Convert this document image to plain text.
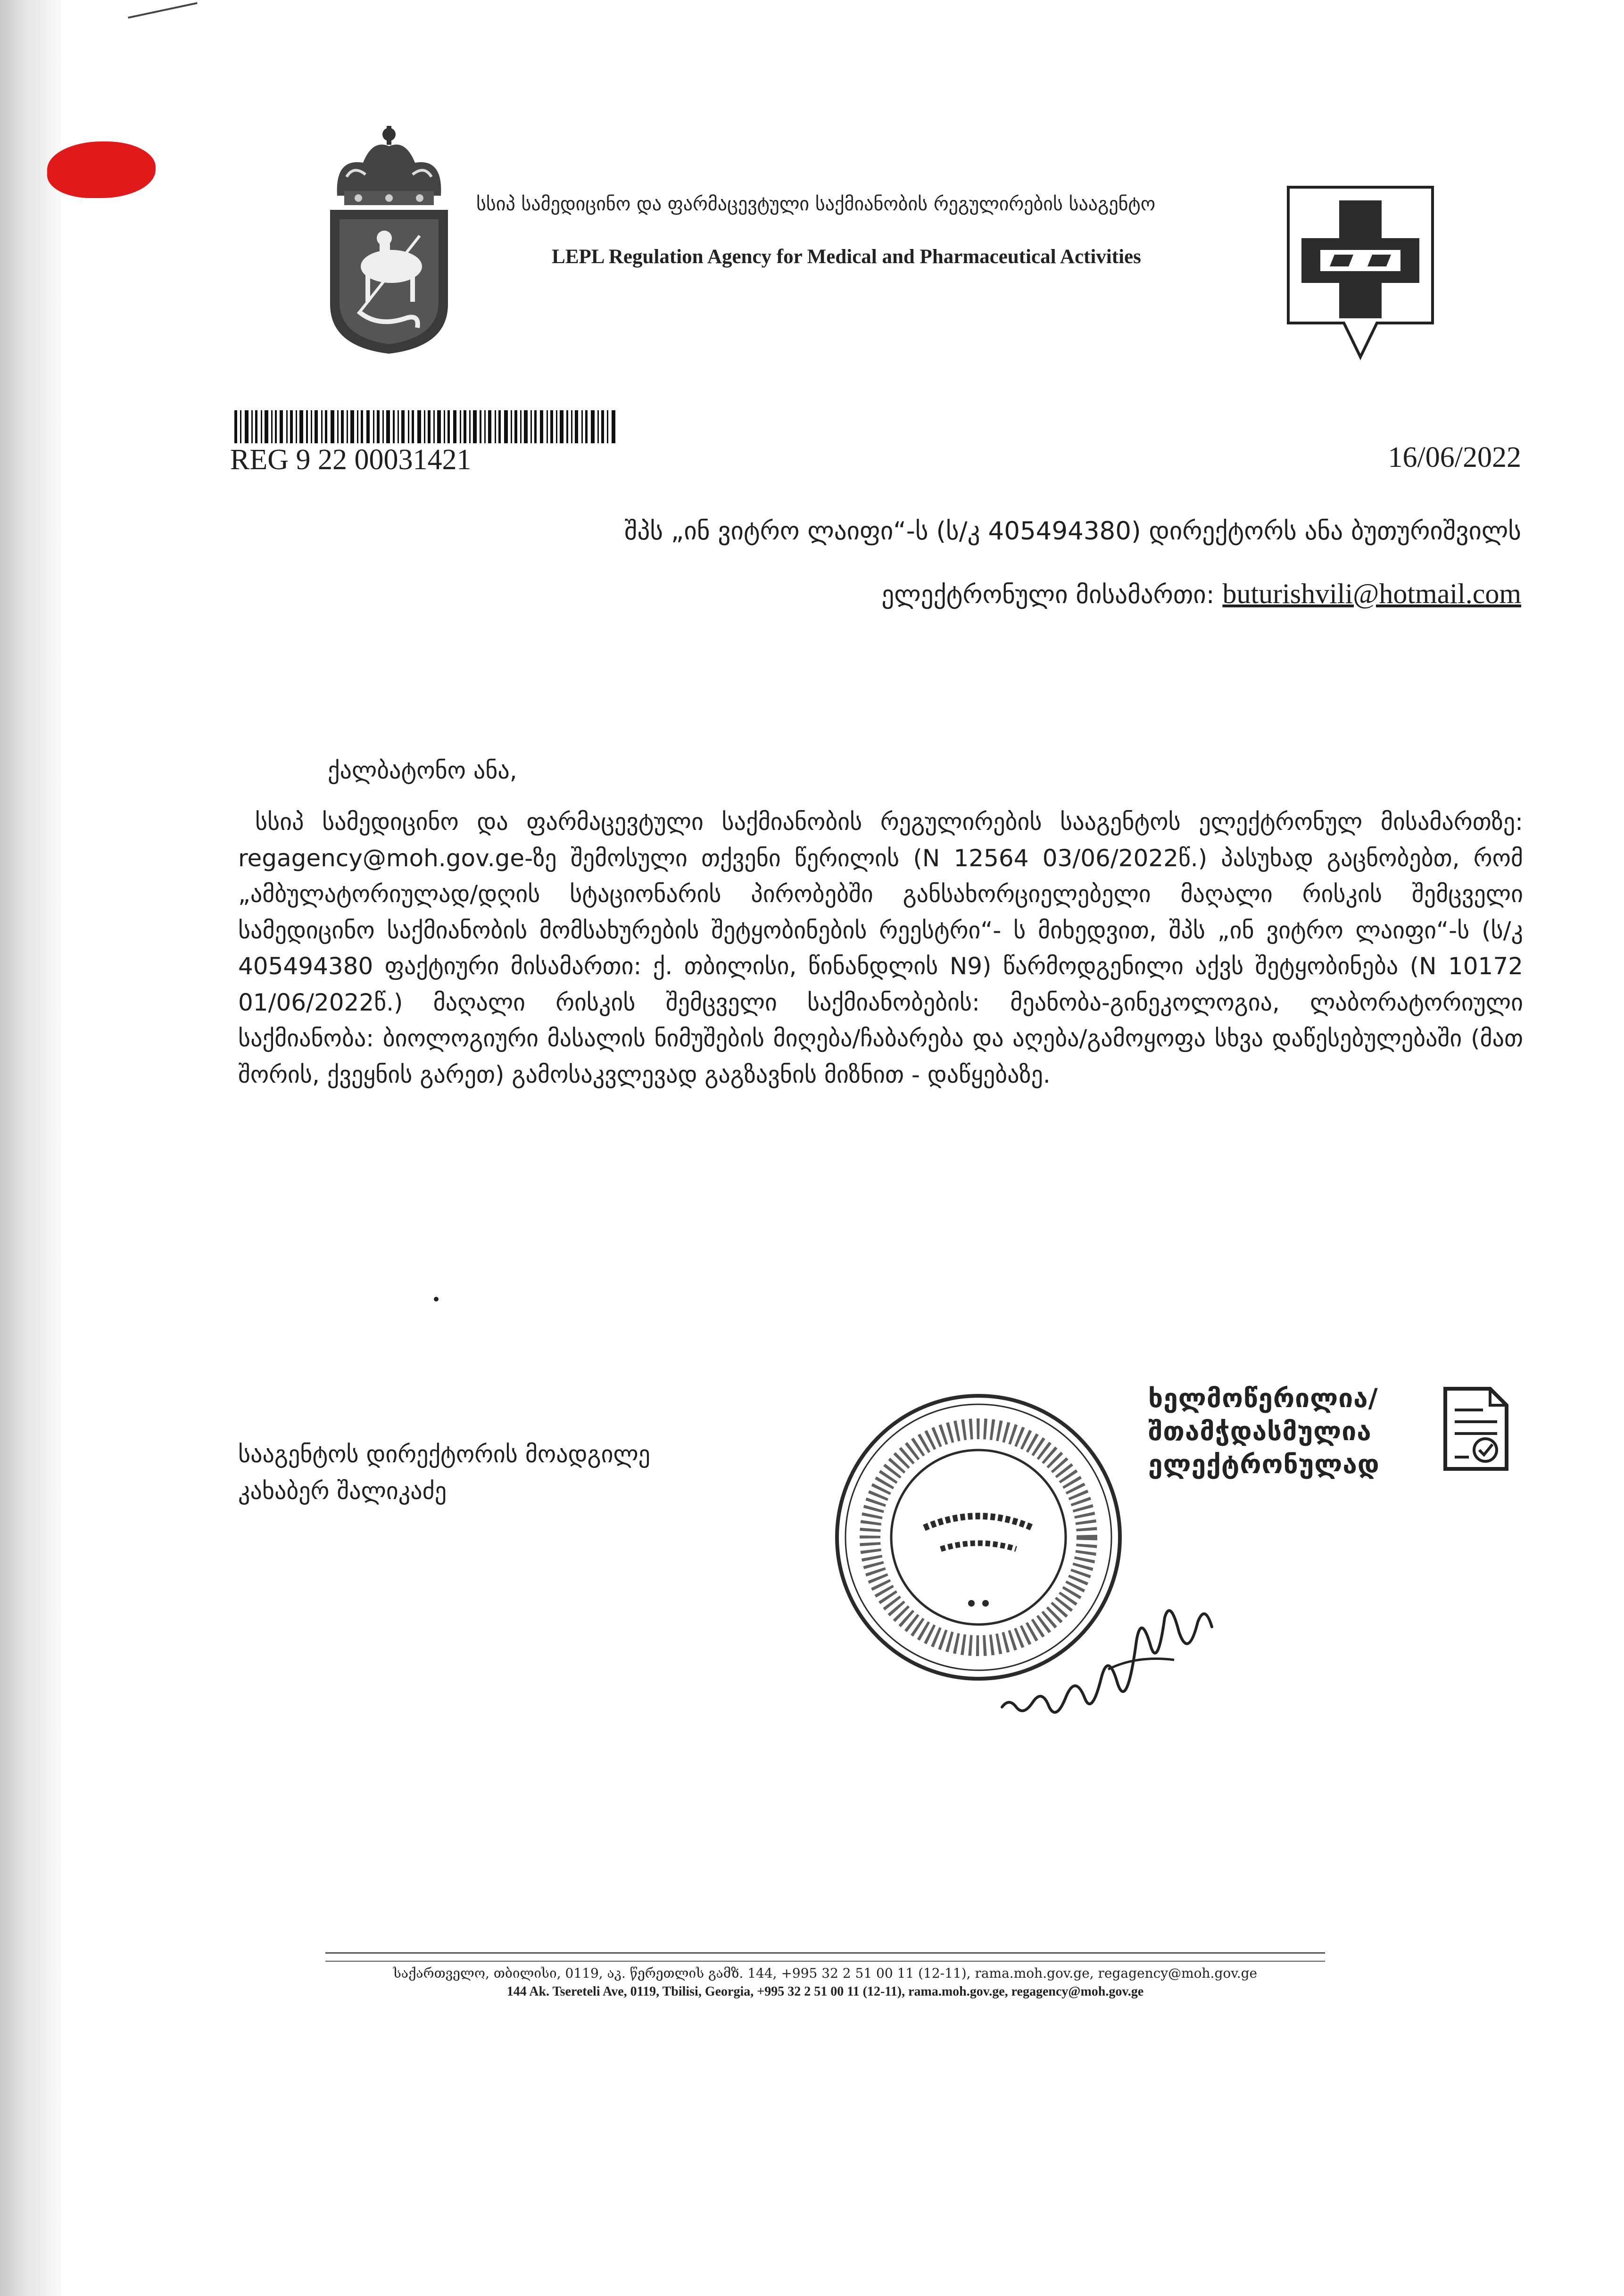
სსიპ სამედიცინო და ფარმაცევტული საქმიანობის რეგულირების სააგენტო
LEPL Regulation Agency for Medical and Pharmaceutical Activities
REG 9 22 00031421	16/06/2022
შპს „ინ ვიტრო ლაიფი“-ს (ს/კ 405494380) დირექტორს ანა ბუთურიშვილს
ელექტრონული მისამართი: buturishvili@hotmail.com
ქალბატონო ანა,

სსიპ სამედიცინო და ფარმაცევტული საქმიანობის რეგულირების სააგენტოს ელექტრონულ მისამართზე: regagency@moh.gov.ge-ზე შემოსული თქვენი წერილის (N 12564 03/06/2022წ.) პასუხად გაცნობებთ, რომ „ამბულატორიულად/დღის სტაციონარის პირობებში განსახორციელებელი მაღალი რისკის შემცველი სამედიცინო საქმიანობის მომსახურების შეტყობინების რეესტრი“- ს მიხედვით, შპს „ინ ვიტრო ლაიფი“-ს (ს/კ 405494380 ფაქტიური მისამართი: ქ. თბილისი, წინანდლის N9) წარმოდგენილი აქვს შეტყობინება (N 10172 01/06/2022წ.) მაღალი რისკის შემცველი საქმიანობების: მეანობა-გინეკოლოგია, ლაბორატორიული საქმიანობა: ბიოლოგიური მასალის ნიმუშების მიღება/ჩაბარება და აღება/გამოყოფა სხვა დაწესებულებაში (მათ შორის, ქვეყნის გარეთ) გამოსაკვლევად გაგზავნის მიზნით - დაწყებაზე.

სააგენტოს დირექტორის მოადგილე
კახაბერ შალიკაძე
ხელმოწერილია/
შთამჭდასმულია
ელექტრონულად
საქართველო, თბილისი, 0119, აკ. წერეთლის გამზ. 144, +995 32 2 51 00 11 (12-11), rama.moh.gov.ge, regagency@moh.gov.ge
144 Ak. Tsereteli Ave, 0119, Tbilisi, Georgia, +995 32 2 51 00 11 (12-11), rama.moh.gov.ge, regagency@moh.gov.ge
